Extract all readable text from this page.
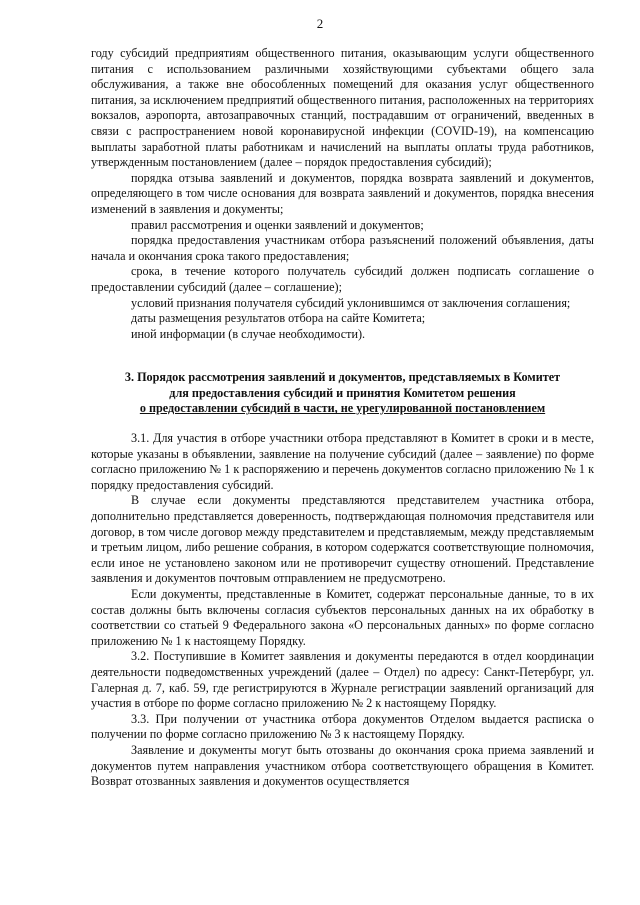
2

году субсидий предприятиям общественного питания, оказывающим услуги общественного питания с использованием различными хозяйствующими субъектами общего зала обслуживания, а также вне обособленных помещений для оказания услуг общественного питания, за исключением предприятий общественного питания, расположенных на территориях вокзалов, аэропорта, автозаправочных станций, пострадавшим от ограничений, введенных в связи с распространением новой коронавирусной инфекции (COVID-19), на компенсацию выплаты заработной платы работникам и начислений на выплаты оплаты труда работников, утвержденным постановлением (далее – порядок предоставления субсидий);

порядка отзыва заявлений и документов, порядка возврата заявлений и документов, определяющего в том числе основания для возврата заявлений и документов, порядка внесения изменений в заявления и документы;

правил рассмотрения и оценки заявлений и документов;

порядка предоставления участникам отбора разъяснений положений объявления, даты начала и окончания срока такого предоставления;

срока, в течение которого получатель субсидий должен подписать соглашение о предоставлении субсидий (далее – соглашение);

условий признания получателя субсидий уклонившимся от заключения соглашения;

даты размещения результатов отбора на сайте Комитета;

иной информации (в случае необходимости).

3. Порядок рассмотрения заявлений и документов, представляемых в Комитет
для предоставления субсидий и принятия Комитетом решения
о предоставлении субсидий в части, не урегулированной постановлением

3.1. Для участия в отборе участники отбора представляют в Комитет в сроки и в месте, которые указаны в объявлении, заявление на получение субсидий (далее – заявление) по форме согласно приложению № 1 к распоряжению и перечень документов согласно приложению № 1 к порядку предоставления субсидий.

В случае если документы представляются представителем участника отбора, дополнительно представляется доверенность, подтверждающая полномочия представителя или договор, в том числе договор между представителем и представляемым, между представляемым и третьим лицом, либо решение собрания, в котором содержатся соответствующие полномочия, если иное не установлено законом или не противоречит существу отношений. Представление заявления и документов почтовым отправлением не предусмотрено.

Если документы, представленные в Комитет, содержат персональные данные, то в их состав должны быть включены согласия субъектов персональных данных на их обработку в соответствии со статьей 9 Федерального закона «О персональных данных» по форме согласно приложению № 1 к настоящему Порядку.

3.2. Поступившие в Комитет заявления и документы передаются в отдел координации деятельности подведомственных учреждений (далее – Отдел) по адресу: Санкт-Петербург, ул. Галерная д. 7, каб. 59, где регистрируются в Журнале регистрации заявлений организаций для участия в отборе по форме согласно приложению № 2 к настоящему Порядку.

3.3. При получении от участника отбора документов Отделом выдается расписка о получении по форме согласно приложению № 3 к настоящему Порядку.

Заявление и документы могут быть отозваны до окончания срока приема заявлений и документов путем направления участником отбора соответствующего обращения в Комитет. Возврат отозванных заявления и документов осуществляется
